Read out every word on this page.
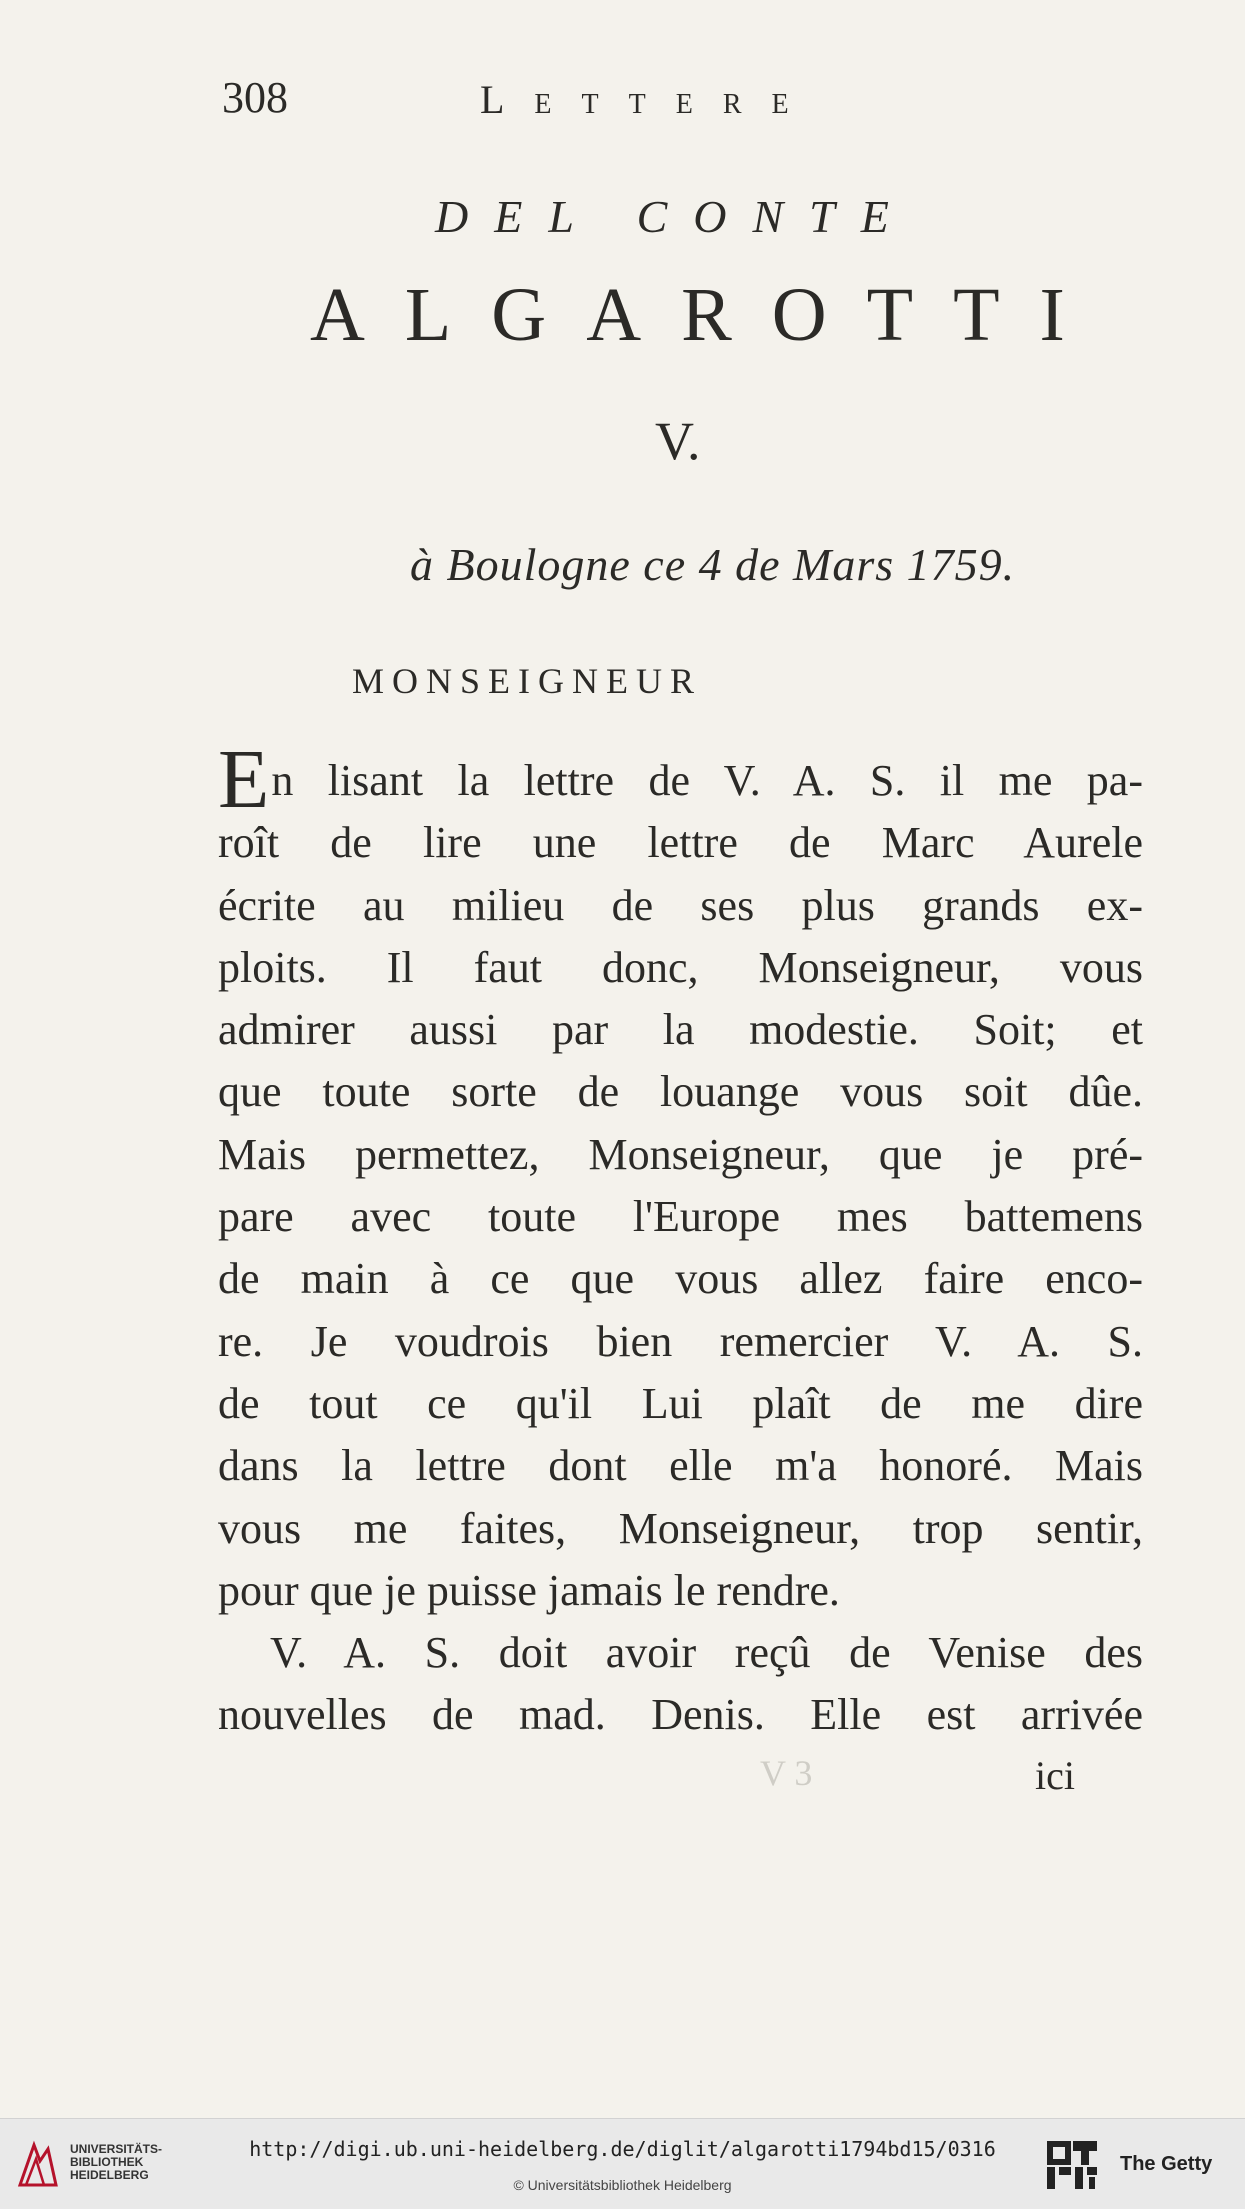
308	Lettere
DEL CONTE
ALGAROTTI
V.
à Boulogne ce 4 de Mars 1759.
MONSEIGNEUR
En lisant la lettre de V. A. S. il me pa-
roît de lire une lettre de Marc Aurele
écrite au milieu de ses plus grands ex-
ploits. Il faut donc, Monseigneur, vous
admirer aussi par la modestie. Soit; et
que toute sorte de louange vous soit dûe.
Mais permettez, Monseigneur, que je pré-
pare avec toute l'Europe mes battemens
de main à ce que vous allez faire enco-
re. Je voudrois bien remercier V. A. S.
de tout ce qu'il Lui plaît de me dire
dans la lettre dont elle m'a honoré. Mais
vous me faites, Monseigneur, trop sentir,
pour que je puisse jamais le rendre.
V. A. S. doit avoir reçû de Venise des
nouvelles de mad. Denis. Elle est arrivée
V 3	ici
UNIVERSITÄTS-
BIBLIOTHEK
HEIDELBERG
http://digi.ub.uni-heidelberg.de/diglit/algarotti1794bd15/0316
© Universitätsbibliothek Heidelberg
The Getty
